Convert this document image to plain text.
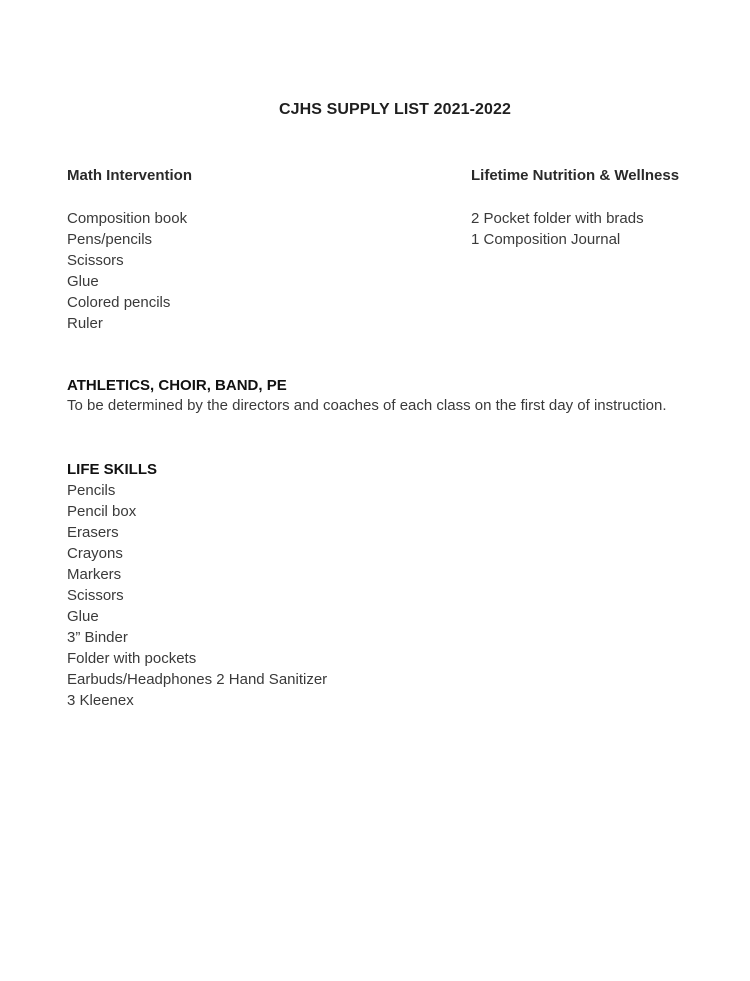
CJHS SUPPLY LIST 2021-2022
Math Intervention
Composition book
Pens/pencils
Scissors
Glue
Colored pencils
Ruler
Lifetime Nutrition & Wellness
2 Pocket folder with brads
1 Composition Journal
ATHLETICS, CHOIR, BAND, PE
To be determined by the directors and coaches of each class on the first day of instruction.
LIFE SKILLS
Pencils
Pencil box
Erasers
Crayons
Markers
Scissors
Glue
3” Binder
Folder with pockets
Earbuds/Headphones 2 Hand Sanitizer
3 Kleenex
